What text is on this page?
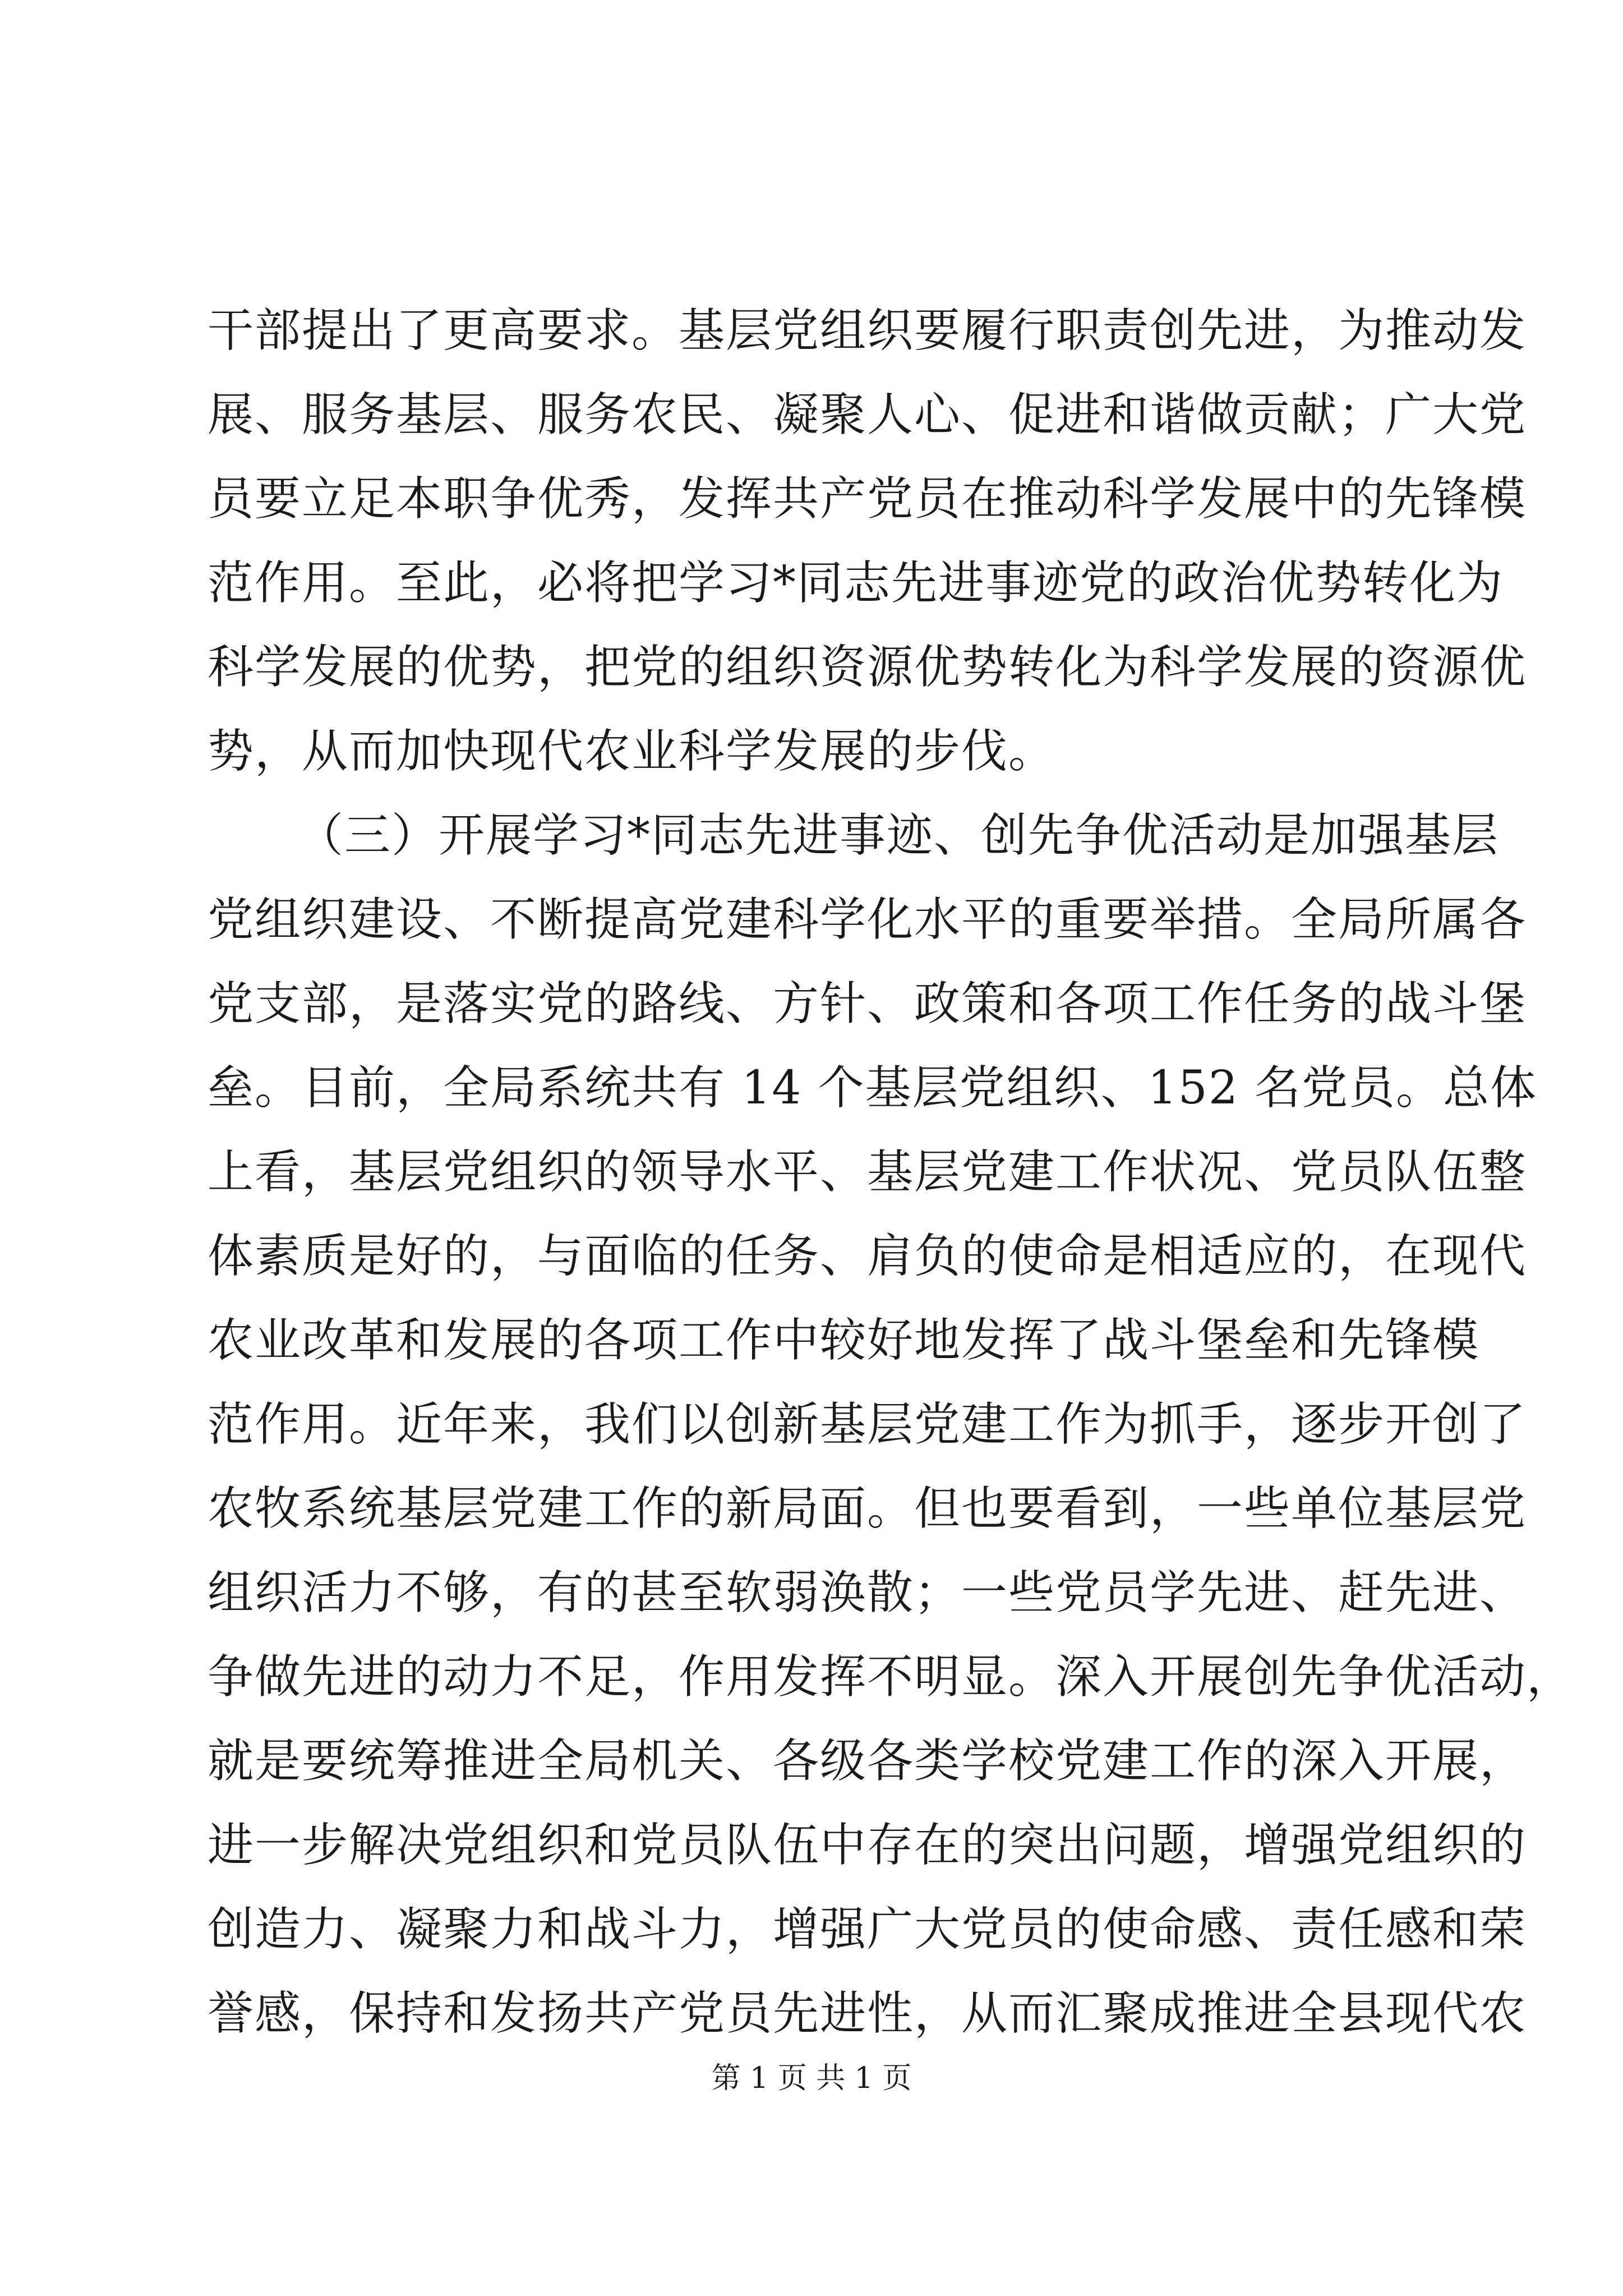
干部提出了更高要求。基层党组织要履行职责创先进，为推动发
展、服务基层、服务农民、凝聚人心、促进和谐做贡献；广大党
员要立足本职争优秀，发挥共产党员在推动科学发展中的先锋模
范作用。至此，必将把学习*同志先进事迹党的政治优势转化为
科学发展的优势，把党的组织资源优势转化为科学发展的资源优
势，从而加快现代农业科学发展的步伐。
（三）开展学习*同志先进事迹、创先争优活动是加强基层
党组织建设、不断提高党建科学化水平的重要举措。全局所属各
党支部，是落实党的路线、方针、政策和各项工作任务的战斗堡
垒。目前，全局系统共有 14 个基层党组织、152 名党员。总体
上看，基层党组织的领导水平、基层党建工作状况、党员队伍整
体素质是好的，与面临的任务、肩负的使命是相适应的，在现代
农业改革和发展的各项工作中较好地发挥了战斗堡垒和先锋模
范作用。近年来，我们以创新基层党建工作为抓手，逐步开创了
农牧系统基层党建工作的新局面。但也要看到，一些单位基层党
组织活力不够，有的甚至软弱涣散；一些党员学先进、赶先进、
争做先进的动力不足，作用发挥不明显。深入开展创先争优活动，
就是要统筹推进全局机关、各级各类学校党建工作的深入开展，
进一步解决党组织和党员队伍中存在的突出问题，增强党组织的
创造力、凝聚力和战斗力，增强广大党员的使命感、责任感和荣
誉感，保持和发扬共产党员先进性，从而汇聚成推进全县现代农
第 1 页 共 1 页
